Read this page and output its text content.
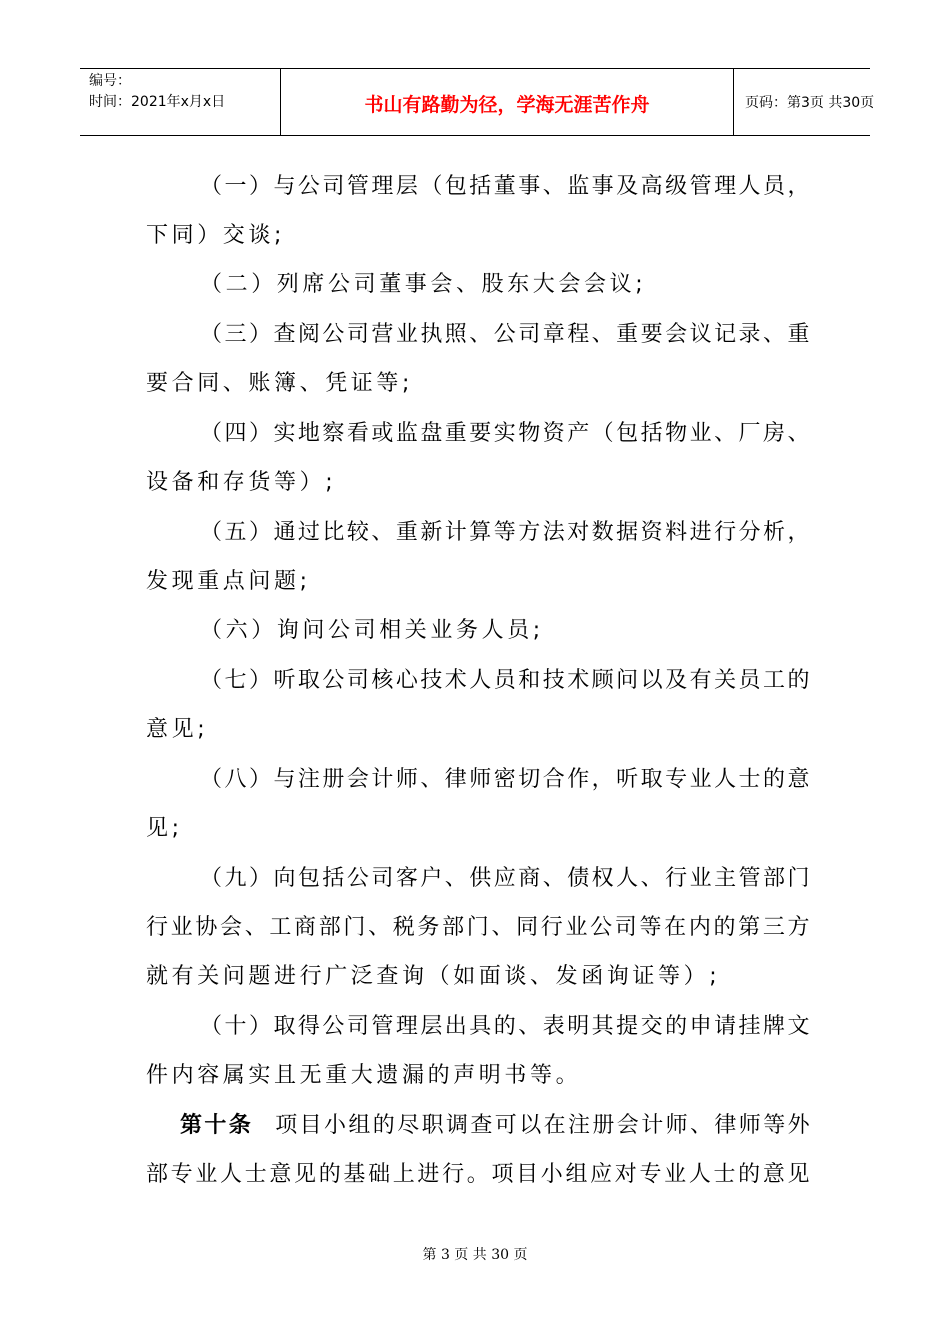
编号：
时间：2021年x月x日	书山有路勤为径，学海无涯苦作舟	页码：第3页 共30页
（一）与公司管理层（包括董事、监事及高级管理人员，
下同）交谈;
（二）列席公司董事会、股东大会会议;
（三）查阅公司营业执照、公司章程、重要会议记录、重
要合同、账簿、凭证等;
（四）实地察看或监盘重要实物资产（包括物业、厂房、
设备和存货等）;
（五）通过比较、重新计算等方法对数据资料进行分析，
发现重点问题;
（六）询问公司相关业务人员;
（七）听取公司核心技术人员和技术顾问以及有关员工的
意见;
（八）与注册会计师、律师密切合作，听取专业人士的意
见;
（九）向包括公司客户、供应商、债权人、行业主管部门
行业协会、工商部门、税务部门、同行业公司等在内的第三方
就有关问题进行广泛查询（如面谈、发函询证等）;
（十）取得公司管理层出具的、表明其提交的申请挂牌文
件内容属实且无重大遗漏的声明书等。
第十条 项目小组的尽职调查可以在注册会计师、律师等外
部专业人士意见的基础上进行。项目小组应对专业人士的意见
第 3 页 共 30 页
